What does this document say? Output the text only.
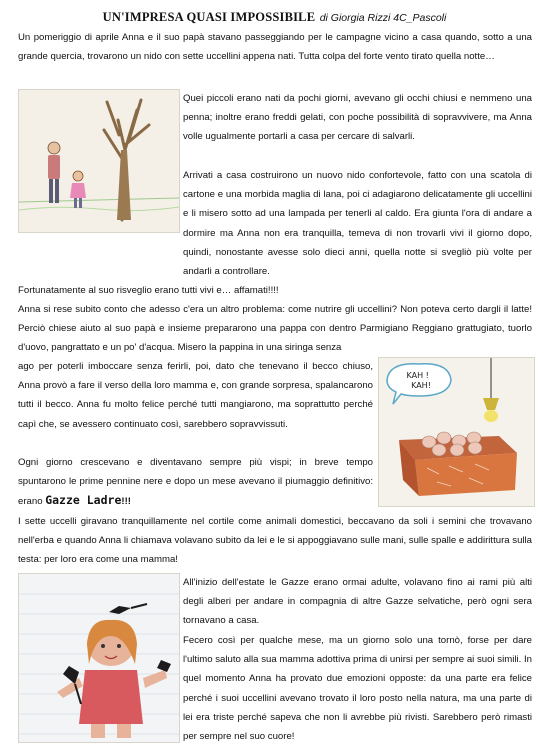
UN'IMPRESA QUASI IMPOSSIBILE di Giorgia Rizzi 4C_Pascoli

Un pomeriggio di aprile Anna e il suo papà stavano passeggiando per le campagne vicino a casa quando, sotto a una grande quercia, trovarono un nido con sette uccellini appena nati. Tutta colpa del forte vento tirato quella notte…

Quei piccoli erano nati da pochi giorni, avevano gli occhi chiusi e nemmeno una penna; inoltre erano freddi gelati, con poche possibilità di sopravvivere, ma Anna volle ugualmente portarli a casa per cercare di salvarli.

Arrivati a casa costruirono un nuovo nido confortevole, fatto con una scatola di cartone e una morbida maglia di lana, poi ci adagiarono delicatamente gli uccellini e li misero sotto ad una lampada per tenerli al caldo. Era giunta l'ora di andare a dormire ma Anna non era tranquilla, temeva di non trovarli vivi il giorno dopo, quindi, nonostante avesse solo dieci anni, quella notte si svegliò più volte per andarli a controllare.

KAH ! KAH!

Fortunatamente al suo risveglio erano tutti vivi e… affamati!!!!

Anna si rese subito conto che adesso c'era un altro problema: come nutrire gli uccellini? Non poteva certo dargli il latte! Perciò chiese aiuto al suo papà e insieme prepararono una pappa con dentro Parmigiano Reggiano grattugiato, tuorlo d'uovo, pangrattato e un po' d'acqua. Misero la pappina in una siringa senza

ago per poterli imboccare senza ferirli, poi, dato che tenevano il becco chiuso, Anna provò a fare il verso della loro mamma e, con grande sorpresa, spalancarono tutti il becco. Anna fu molto felice perché tutti mangiarono, ma soprattutto perché capì che, se avessero continuato così, sarebbero sopravvissuti.

Ogni giorno crescevano e diventavano sempre più vispi; in breve tempo spuntarono le prime pennine nere e dopo un mese avevano il piumaggio definitivo: erano Gazze Ladre!!!

I sette uccelli giravano tranquillamente nel cortile come animali domestici, beccavano da soli i semini che trovavano nell'erba e quando Anna li chiamava volavano subito da lei e le si appoggiavano sulle mani, sulle spalle e addirittura sulla testa: per loro era come una mamma!

All'inizio dell'estate le Gazze erano ormai adulte, volavano fino ai rami più alti degli alberi per andare in compagnia di altre Gazze selvatiche, però ogni sera tornavano a casa.

Fecero così per qualche mese, ma un giorno solo una tornò, forse per dare l'ultimo saluto alla sua mamma adottiva prima di unirsi per sempre ai suoi simili. In quel momento Anna ha provato due emozioni opposte: da una parte era felice perché i suoi uccellini avevano trovato il loro posto nella natura, ma una parte di lei era triste perché sapeva che non li avrebbe più rivisti. Sarebbero però rimasti per sempre nel suo cuore!
